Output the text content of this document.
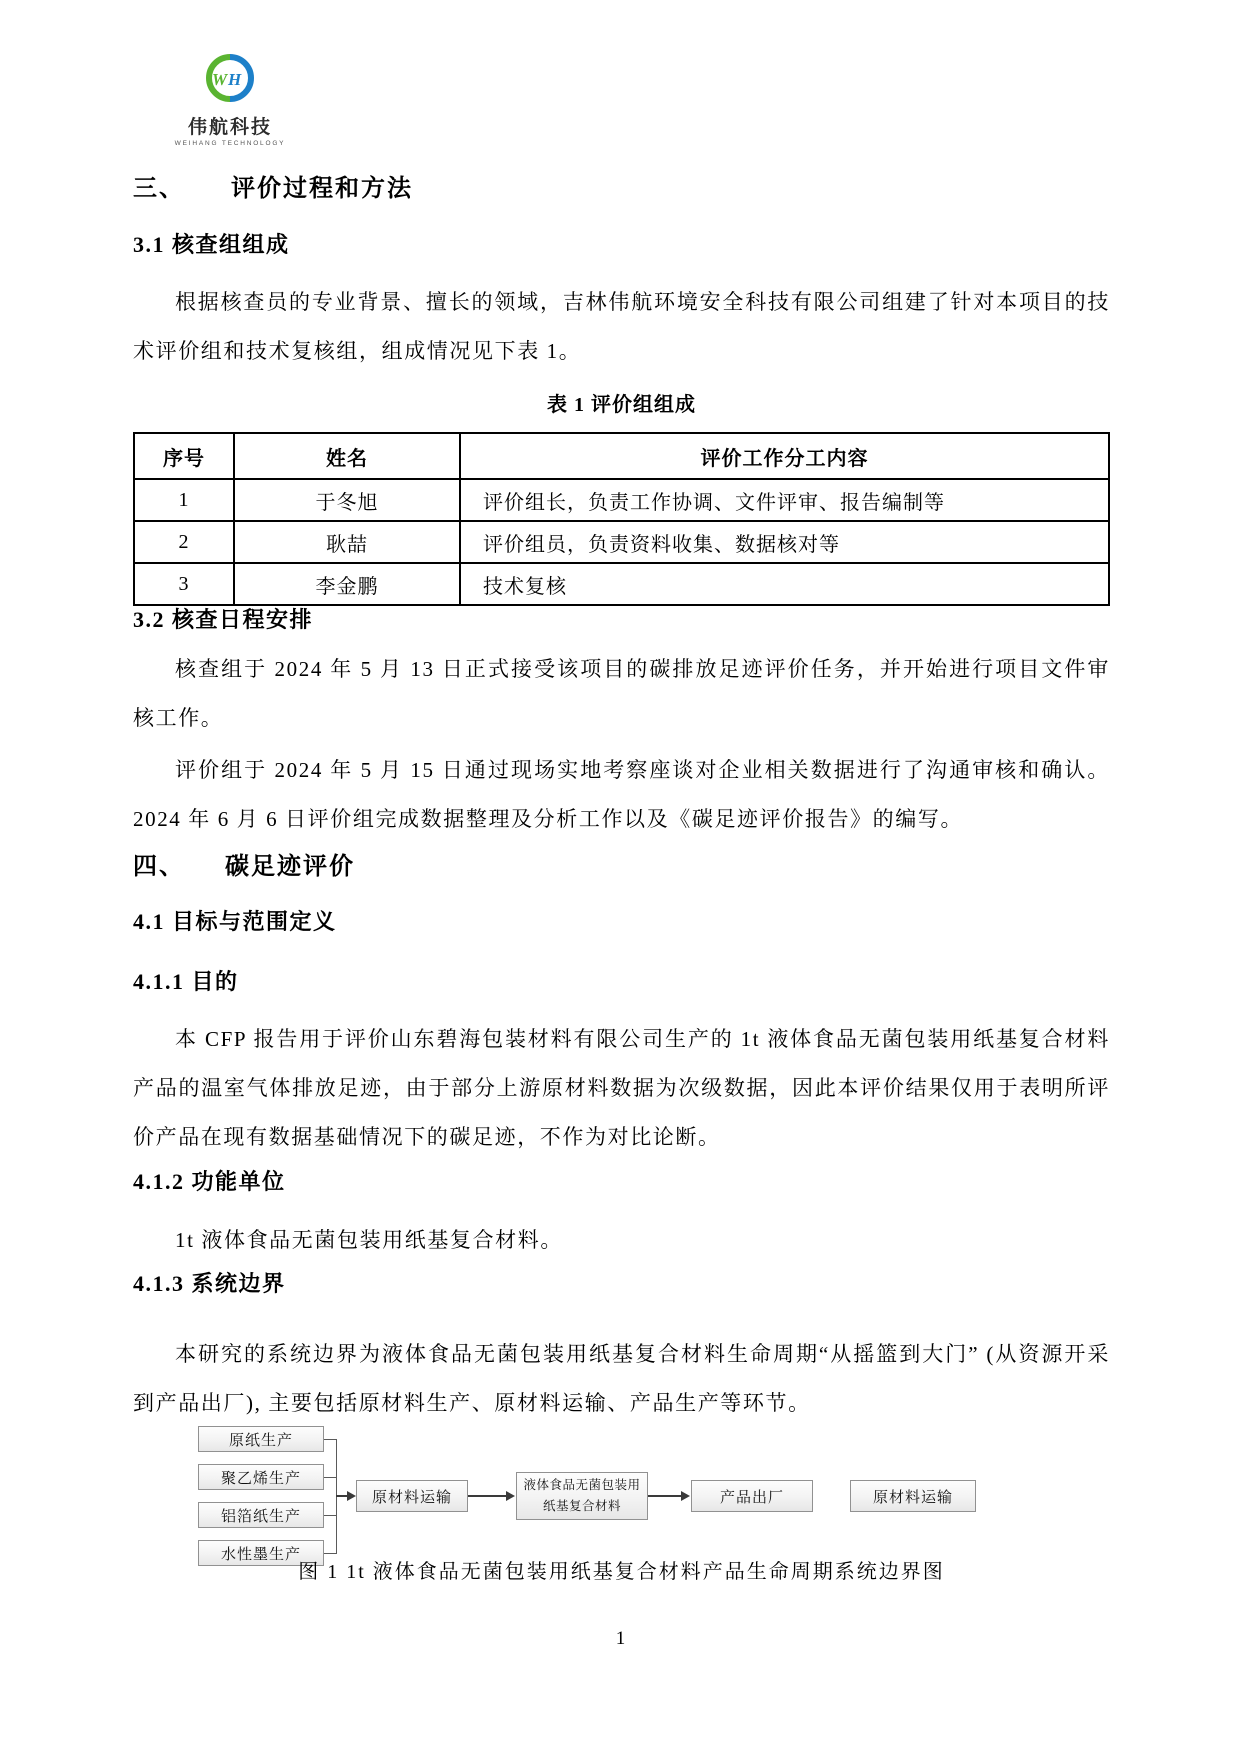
W H
伟航科技
WEIHANG TECHNOLOGY
三、 评价过程和方法
3.1 核查组组成
根据核查员的专业背景、擅长的领域，吉林伟航环境安全科技有限公司组建了针对本项目的技术评价组和技术复核组，组成情况见下表 1。
表 1 评价组组成
序号	姓名	评价工作分工内容
1	于冬旭	评价组长，负责工作协调、文件评审、报告编制等
2	耿喆	评价组员，负责资料收集、数据核对等
3	李金鹏	技术复核
3.2 核查日程安排
核查组于 2024 年 5 月 13 日正式接受该项目的碳排放足迹评价任务，并开始进行项目文件审核工作。
评价组于 2024 年 5 月 15 日通过现场实地考察座谈对企业相关数据进行了沟通审核和确认。2024 年 6 月 6 日评价组完成数据整理及分析工作以及《碳足迹评价报告》的编写。
四、 碳足迹评价
4.1 目标与范围定义
4.1.1 目的
本 CFP 报告用于评价山东碧海包装材料有限公司生产的 1t 液体食品无菌包装用纸基复合材料产品的温室气体排放足迹，由于部分上游原材料数据为次级数据，因此本评价结果仅用于表明所评价产品在现有数据基础情况下的碳足迹，不作为对比论断。
4.1.2 功能单位
1t 液体食品无菌包装用纸基复合材料。
4.1.3 系统边界
本研究的系统边界为液体食品无菌包装用纸基复合材料生命周期“从摇篮到大门” (从资源开采到产品出厂), 主要包括原材料生产、原材料运输、产品生产等环节。
原纸生产
聚乙烯生产
铝箔纸生产
水性墨生产
原材料运输
液体食品无菌包装用纸基复合材料
产品出厂	原材料运输
图 1 1t 液体食品无菌包装用纸基复合材料产品生命周期系统边界图
1
